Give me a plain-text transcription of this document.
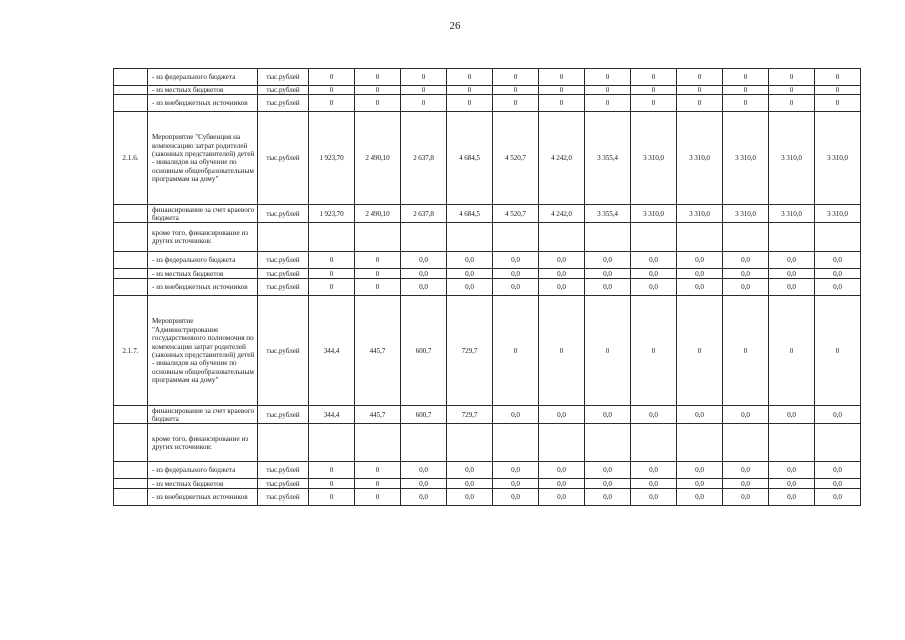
26
	- из федерального бюджета	тыс.рублей	0	0	0	0	0	0	0	0	0	0	0	0
	- из местных бюджетов	тыс.рублей	0	0	0	0	0	0	0	0	0	0	0	0
	- из внебюджетных источников	тыс.рублей	0	0	0	0	0	0	0	0	0	0	0	0
2.1.6.	Мероприятие "Субвенция на компенсацию затрат родителей (законных представителей) детей - инвалидов на обучение по основным общеобразовательным программам на дому"	тыс.рублей	1 923,70	2 490,10	2 637,8	4 684,5	4 520,7	4 242,0	3 355,4	3 310,0	3 310,0	3 310,0	3 310,0	3 310,0
	финансирование за счет краевого бюджета	тыс.рублей	1 923,70	2 490,10	2 637,8	4 684,5	4 520,7	4 242,0	3 355,4	3 310,0	3 310,0	3 310,0	3 310,0	3 310,0
	кроме того, финансирование из других источников:													
	- из федерального бюджета	тыс.рублей	0	0	0,0	0,0	0,0	0,0	0,0	0,0	0,0	0,0	0,0	0,0
	- из местных бюджетов	тыс.рублей	0	0	0,0	0,0	0,0	0,0	0,0	0,0	0,0	0,0	0,0	0,0
	- из внебюджетных источников	тыс.рублей	0	0	0,0	0,0	0,0	0,0	0,0	0,0	0,0	0,0	0,0	0,0
2.1.7.	Мероприятие "Администрирование государственного полномочия по компенсации затрат родителей (законных представителей) детей - инвалидов на обучение по основным общеобразовательным программам на дому"	тыс.рублей	344,4	445,7	600,7	729,7	0	0	0	0	0	0	0	0
	финансирование за счет краевого бюджета	тыс.рублей	344,4	445,7	600,7	729,7	0,0	0,0	0,0	0,0	0,0	0,0	0,0	0,0
	кроме того, финансирование из других источников:													
	- из федерального бюджета	тыс.рублей	0	0	0,0	0,0	0,0	0,0	0,0	0,0	0,0	0,0	0,0	0,0
	- из местных бюджетов	тыс.рублей	0	0	0,0	0,0	0,0	0,0	0,0	0,0	0,0	0,0	0,0	0,0
	- из внебюджетных источников	тыс.рублей	0	0	0,0	0,0	0,0	0,0	0,0	0,0	0,0	0,0	0,0	0,0
